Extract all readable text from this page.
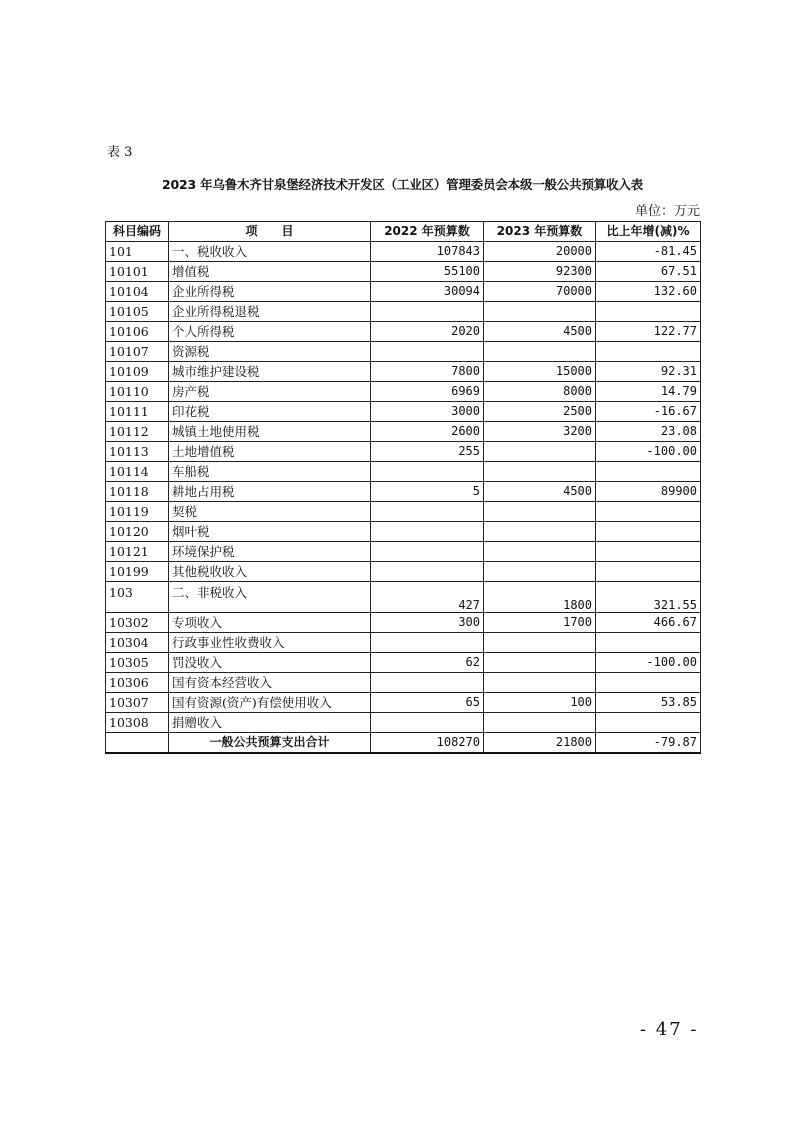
表 3
2023 年乌鲁木齐甘泉堡经济技术开发区（工业区）管理委员会本级一般公共预算收入表
单位：万元
科目编码	项　　目	2022 年预算数	2023 年预算数	比上年增(减)%
101	一、税收收入	107843	20000	-81.45
10101	增值税	55100	92300	67.51
10104	企业所得税	30094	70000	132.60
10105	企业所得税退税			
10106	个人所得税	2020	4500	122.77
10107	资源税			
10109	城市维护建设税	7800	15000	92.31
10110	房产税	6969	8000	14.79
10111	印花税	3000	2500	-16.67
10112	城镇土地使用税	2600	3200	23.08
10113	土地增值税	255		-100.00
10114	车船税			
10118	耕地占用税	5	4500	89900
10119	契税			
10120	烟叶税			
10121	环境保护税			
10199	其他税收收入			
103	二、非税收入	427	1800	321.55
10302	专项收入	300	1700	466.67
10304	行政事业性收费收入			
10305	罚没收入	62		-100.00
10306	国有资本经营收入			
10307	国有资源(资产)有偿使用收入	65	100	53.85
10308	捐赠收入			
	一般公共预算支出合计	108270	21800	-79.87
- 47 -
